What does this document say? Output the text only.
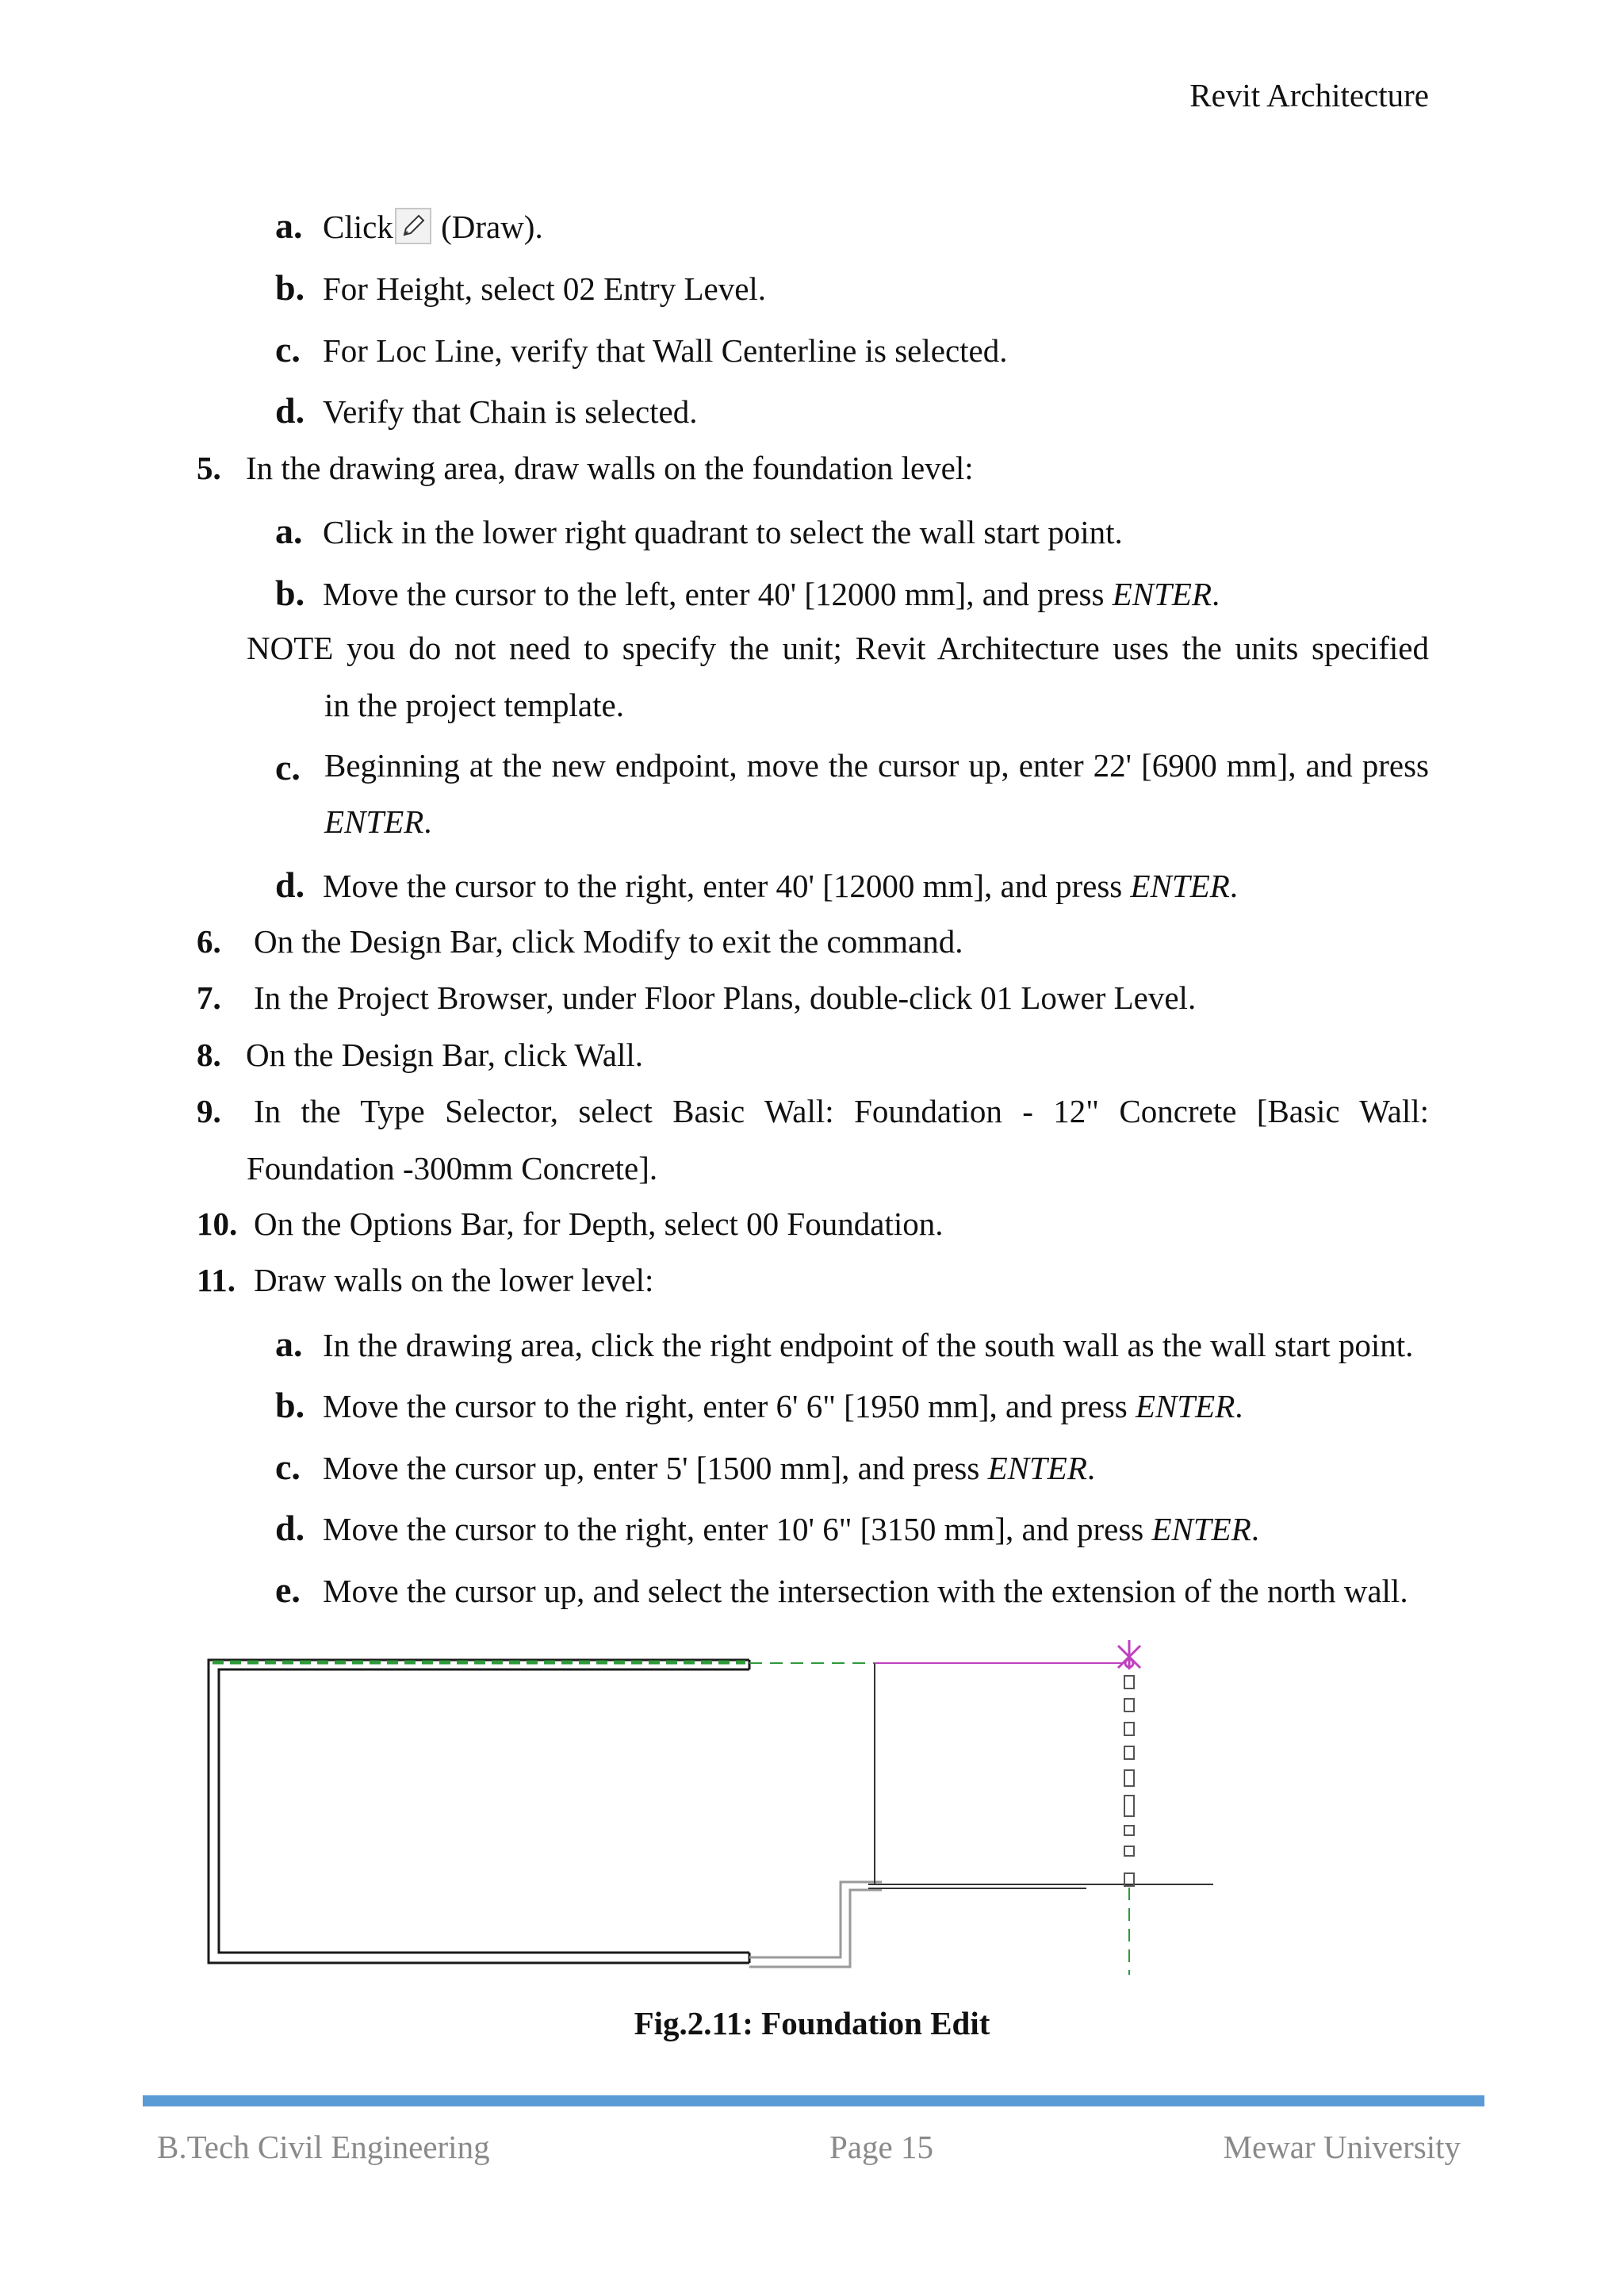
Revit Architecture
a. Click (Draw).
b. For Height, select 02 Entry Level.
c. For Loc Line, verify that Wall Centerline is selected.
d. Verify that Chain is selected.
5. In the drawing area, draw walls on the foundation level:
a. Click in the lower right quadrant to select the wall start point.
b. Move the cursor to the left, enter 40' [12000 mm], and press ENTER.
NOTE you do not need to specify the unit; Revit Architecture uses the units specified
in the project template.
c. Beginning at the new endpoint, move the cursor up, enter 22' [6900 mm], and press
ENTER.
d. Move the cursor to the right, enter 40' [12000 mm], and press ENTER.
6. On the Design Bar, click Modify to exit the command.
7. In the Project Browser, under Floor Plans, double-click 01 Lower Level.
8. On the Design Bar, click Wall.
9. In the Type Selector, select Basic Wall: Foundation - 12" Concrete [Basic Wall:
Foundation -300mm Concrete].
10. On the Options Bar, for Depth, select 00 Foundation.
11. Draw walls on the lower level:
a. In the drawing area, click the right endpoint of the south wall as the wall start point.
b. Move the cursor to the right, enter 6' 6" [1950 mm], and press ENTER.
c. Move the cursor up, enter 5' [1500 mm], and press ENTER.
d. Move the cursor to the right, enter 10' 6" [3150 mm], and press ENTER.
e. Move the cursor up, and select the intersection with the extension of the north wall.
Fig.2.11: Foundation Edit
B.Tech Civil Engineering	Page 15	Mewar University
